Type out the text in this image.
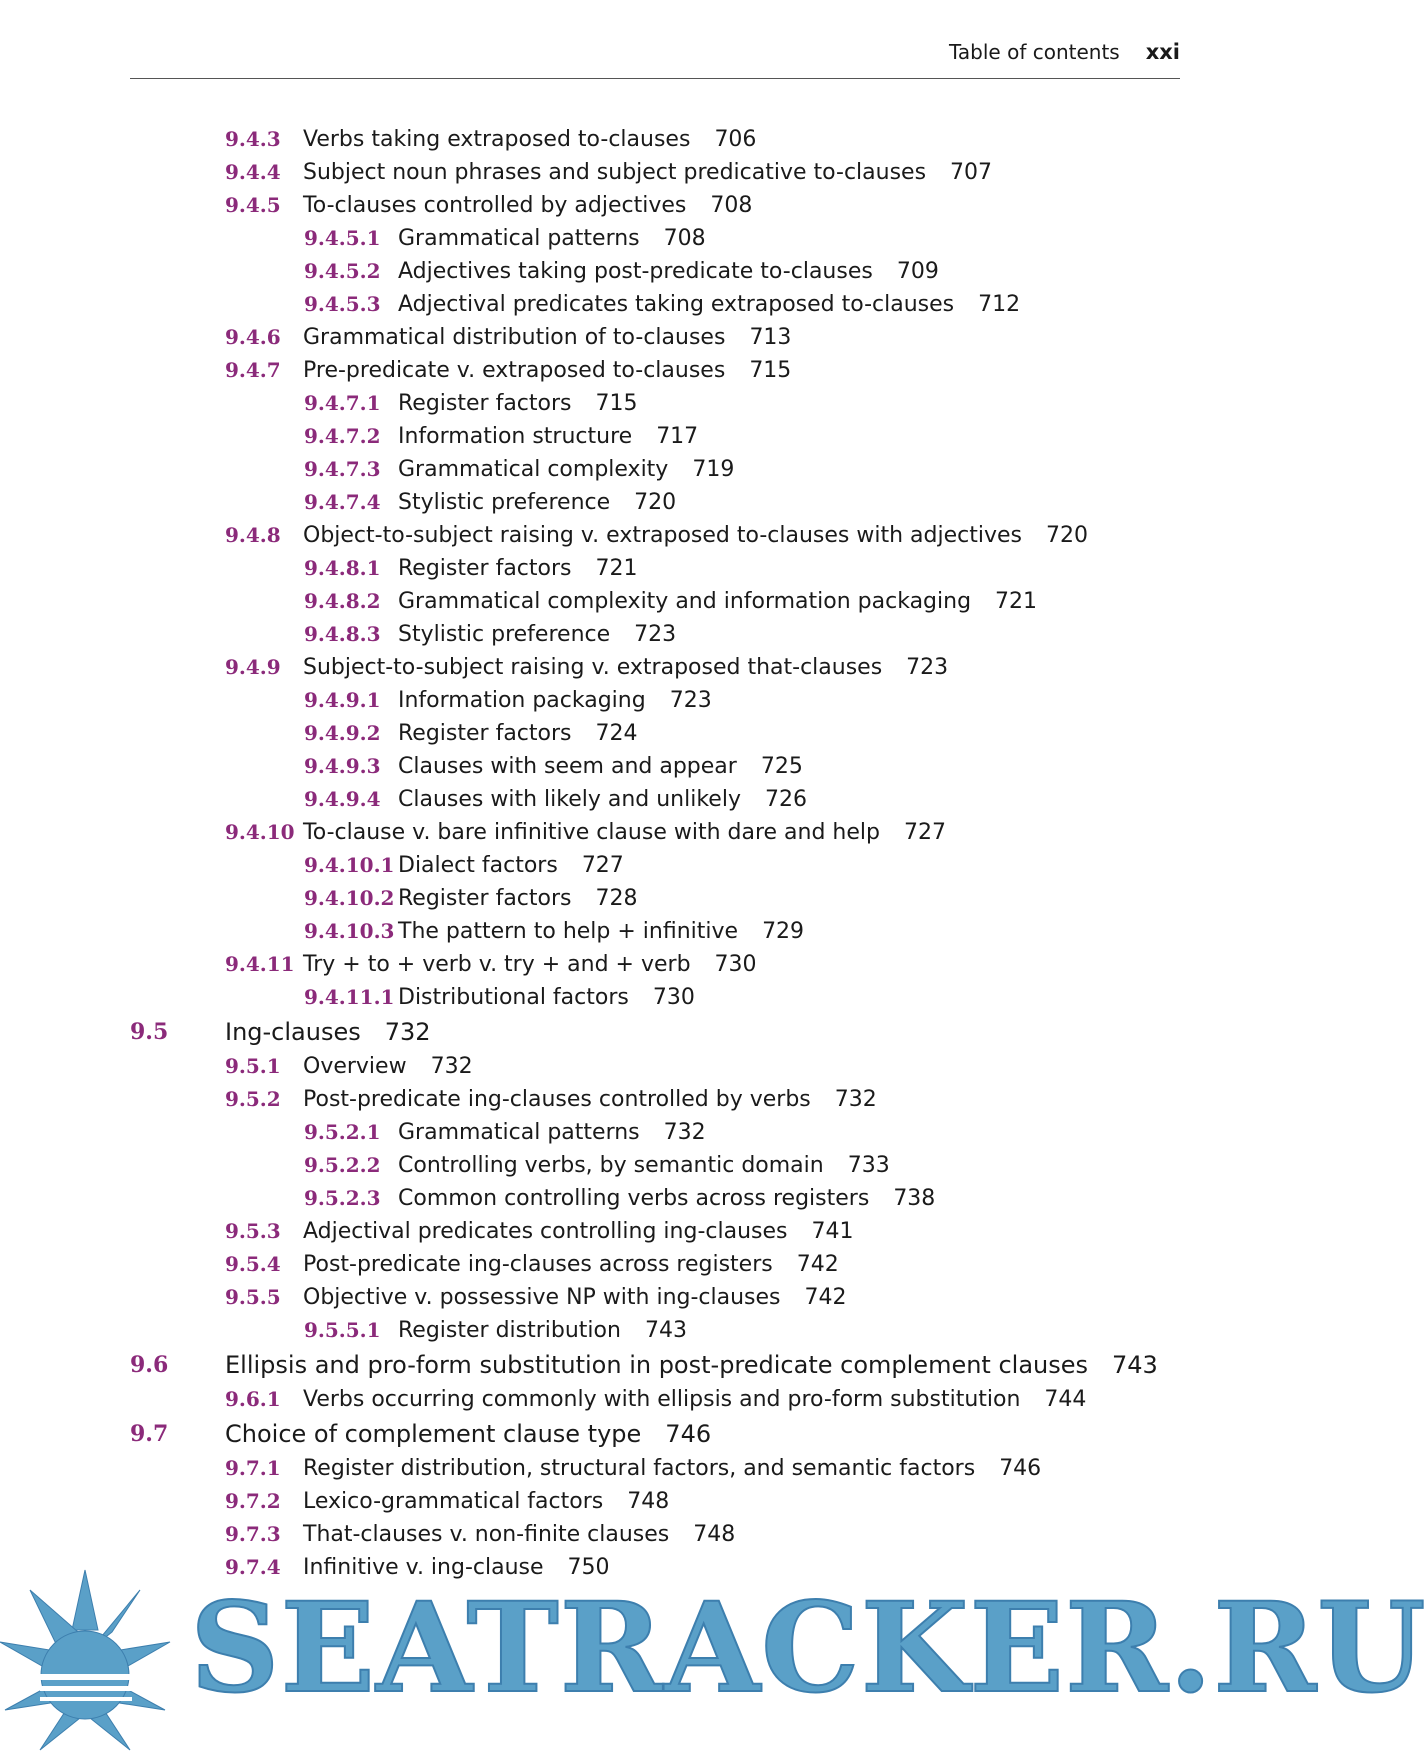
Table of contents xxi
9.4.3 Verbs taking extraposed to-clauses 706
9.4.4 Subject noun phrases and subject predicative to-clauses 707
9.4.5 To-clauses controlled by adjectives 708
9.4.5.1 Grammatical patterns 708
9.4.5.2 Adjectives taking post-predicate to-clauses 709
9.4.5.3 Adjectival predicates taking extraposed to-clauses 712
9.4.6 Grammatical distribution of to-clauses 713
9.4.7 Pre-predicate v. extraposed to-clauses 715
9.4.7.1 Register factors 715
9.4.7.2 Information structure 717
9.4.7.3 Grammatical complexity 719
9.4.7.4 Stylistic preference 720
9.4.8 Object-to-subject raising v. extraposed to-clauses with adjectives 720
9.4.8.1 Register factors 721
9.4.8.2 Grammatical complexity and information packaging 721
9.4.8.3 Stylistic preference 723
9.4.9 Subject-to-subject raising v. extraposed that-clauses 723
9.4.9.1 Information packaging 723
9.4.9.2 Register factors 724
9.4.9.3 Clauses with seem and appear 725
9.4.9.4 Clauses with likely and unlikely 726
9.4.10 To-clause v. bare infinitive clause with dare and help 727
9.4.10.1 Dialect factors 727
9.4.10.2 Register factors 728
9.4.10.3 The pattern to help + infinitive 729
9.4.11 Try + to + verb v. try + and + verb 730
9.4.11.1 Distributional factors 730
9.5 Ing-clauses 732
9.5.1 Overview 732
9.5.2 Post-predicate ing-clauses controlled by verbs 732
9.5.2.1 Grammatical patterns 732
9.5.2.2 Controlling verbs, by semantic domain 733
9.5.2.3 Common controlling verbs across registers 738
9.5.3 Adjectival predicates controlling ing-clauses 741
9.5.4 Post-predicate ing-clauses across registers 742
9.5.5 Objective v. possessive NP with ing-clauses 742
9.5.5.1 Register distribution 743
9.6 Ellipsis and pro-form substitution in post-predicate complement clauses 743
9.6.1 Verbs occurring commonly with ellipsis and pro-form substitution 744
9.7 Choice of complement clause type 746
9.7.1 Register distribution, structural factors, and semantic factors 746
9.7.2 Lexico-grammatical factors 748
9.7.3 That-clauses v. non-finite clauses 748
9.7.4 Infinitive v. ing-clause 750
SEATRACKER.RU
